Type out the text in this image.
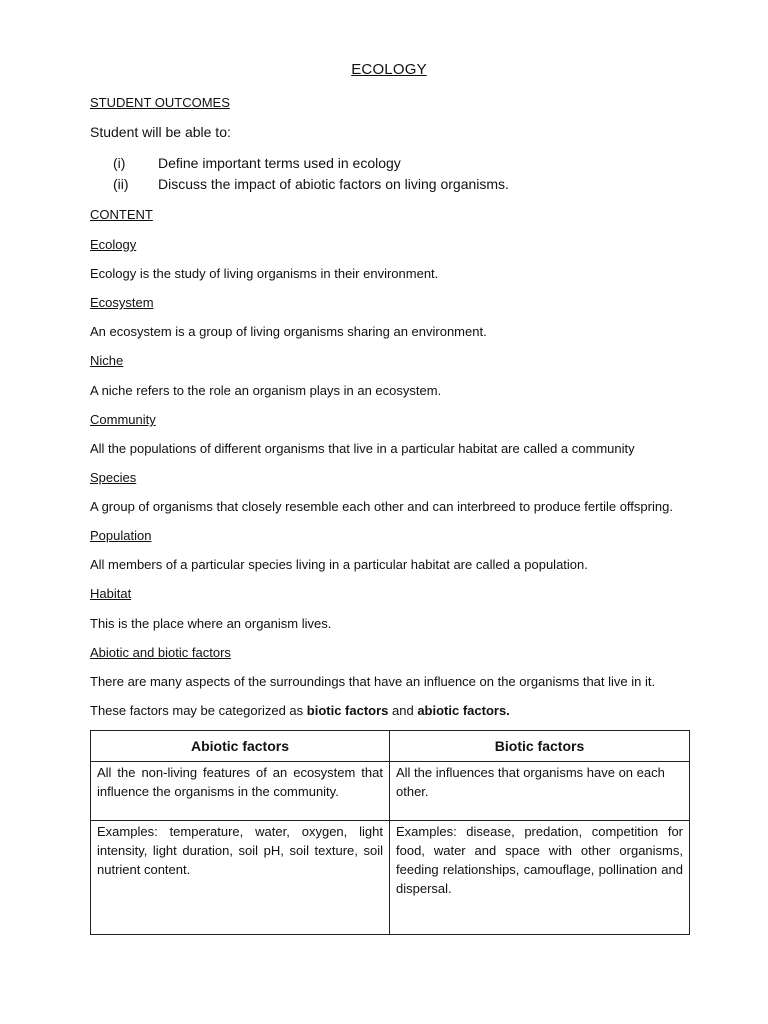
ECOLOGY
STUDENT OUTCOMES
Student will be able to:
(i) Define important terms used in ecology
(ii) Discuss the impact of abiotic factors on living organisms.
CONTENT
Ecology
Ecology is the study of living organisms in their environment.
Ecosystem
An ecosystem is a group of living organisms sharing an environment.
Niche
A niche refers to the role an organism plays in an ecosystem.
Community
All the populations of different organisms that live in a particular habitat are called a community
Species
A group of organisms that closely resemble each other and can interbreed to produce fertile offspring.
Population
All members of a particular species living in a particular habitat are called a population.
Habitat
This is the place where an organism lives.
Abiotic and biotic factors
There are many aspects of the surroundings that have an influence on the organisms that live in it.
These factors may be categorized as biotic factors and abiotic factors.
Abiotic factors	Biotic factors
All the non-living features of an ecosystem that influence the organisms in the community.	All the influences that organisms have on each other.
Examples: temperature, water, oxygen, light intensity, light duration, soil pH, soil texture, soil nutrient content.	Examples: disease, predation, competition for food, water and space with other organisms, feeding relationships, camouflage, pollination and dispersal.
